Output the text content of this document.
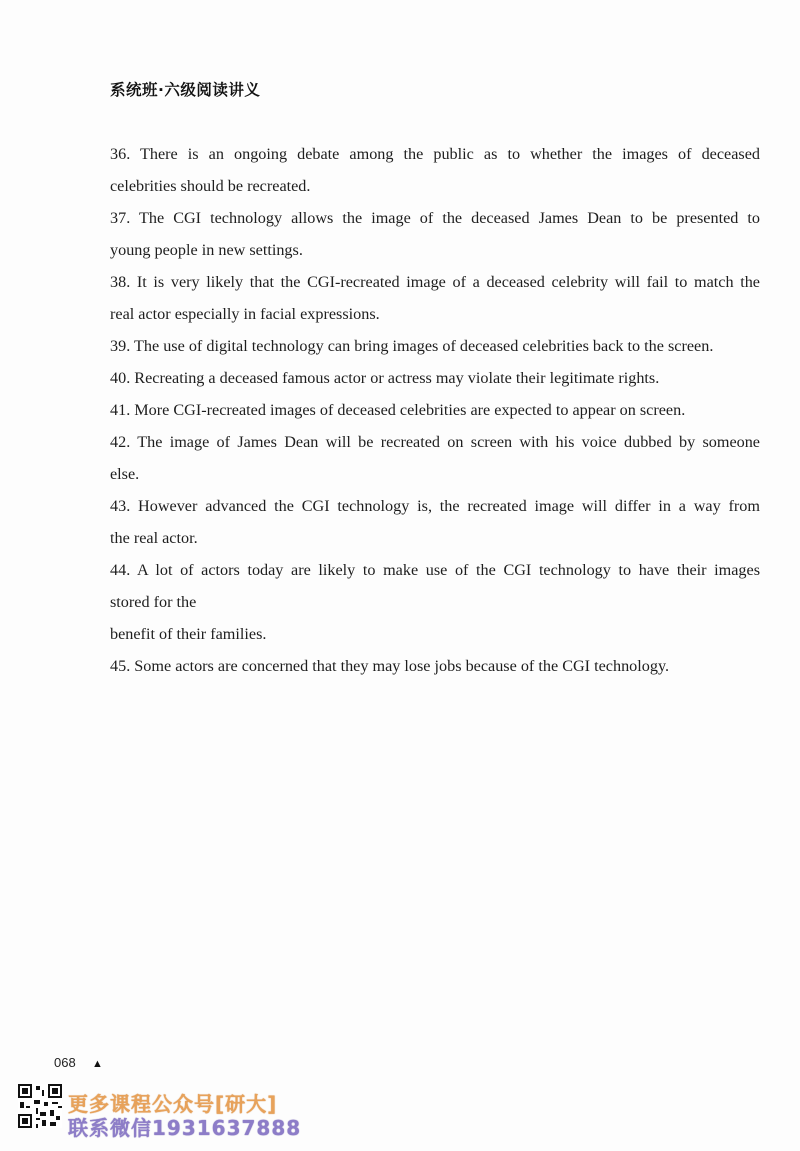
系统班·六级阅读讲义
36. There is an ongoing debate among the public as to whether the images of deceased
celebrities should be recreated.
37. The CGI technology allows the image of the deceased James Dean to be presented to
young people in new settings.
38. It is very likely that the CGI-recreated image of a deceased celebrity will fail to match the
real actor especially in facial expressions.
39. The use of digital technology can bring images of deceased celebrities back to the screen.
40. Recreating a deceased famous actor or actress may violate their legitimate rights.
41. More CGI-recreated images of deceased celebrities are expected to appear on screen.
42. The image of James Dean will be recreated on screen with his voice dubbed by someone
else.
43. However advanced the CGI technology is, the recreated image will differ in a way from
the real actor.
44. A lot of actors today are likely to make use of the CGI technology to have their images
stored for the
benefit of their families.
45. Some actors are concerned that they may lose jobs because of the CGI technology.
068 ▲
更多课程公众号[研大]
联系微信1931637888
